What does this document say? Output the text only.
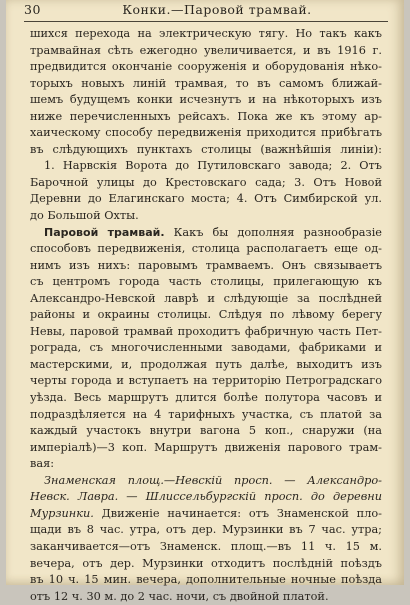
30	Конки.—Паровой трамвай.
шихся перехода на электрическую тягу. Но такъ какъ
трамвайная сѣть ежегодно увеличивается, и въ 1916 г.
предвидится окончаніе сооруженія и оборудованія нѣко-
торыхъ новыхъ линій трамвая, то въ самомъ ближай-
шемъ будущемъ конки исчезнутъ и на нѣкоторыхъ изъ
ниже перечисленныхъ рейсахъ. Пока же къ этому ар-
хаическому способу передвиженія приходится прибѣгать
въ слѣдующихъ пунктахъ столицы (важнѣйшія линіи):
1. Нарвскія Ворота до Путиловскаго завода; 2. Отъ
Барочной улицы до Крестовскаго сада; 3. Отъ Новой
Деревни до Елагинскаго моста; 4. Отъ Симбирской ул.
до Большой Охты.
Паровой трамвай. Какъ бы дополняя разнообразіе
способовъ передвиженія, столица располагаетъ еще од-
нимъ изъ нихъ: паровымъ трамваемъ. Онъ связываетъ
съ центромъ города часть столицы, прилегающую къ
Александро-Невской лаврѣ и слѣдующіе за послѣдней
районы и окраины столицы. Слѣдуя по лѣвому берегу
Невы, паровой трамвай проходитъ фабричную часть Пет-
рограда, съ многочисленными заводами, фабриками и
мастерскими, и, продолжая путь далѣе, выходитъ изъ
черты города и вступаетъ на территорію Петроградскаго
уѣзда. Весь маршрутъ длится болѣе полутора часовъ и
подраздѣляется на 4 тарифныхъ участка, съ платой за
каждый участокъ внутри вагона 5 коп., снаружи (на
имперіалѣ)—3 коп. Маршрутъ движенія паровогo трам-
вая:
Знаменская площ.—Невскій просп. — Александро-
Невск. Лавра. — Шлиссельбургскій просп. до деревни
Мурзинки. Движеніе начинается: отъ Знаменской пло-
щади въ 8 час. утра, отъ дер. Мурзинки въ 7 час. утра;
заканчивается—отъ Знаменск. площ.—въ 11 ч. 15 м.
вечера, отъ дер. Мурзинки отходитъ послѣдній поѣздъ
въ 10 ч. 15 мин. вечера, дополнительные ночные поѣзда
отъ 12 ч. 30 м. до 2 час. ночи, съ двойной платой.
